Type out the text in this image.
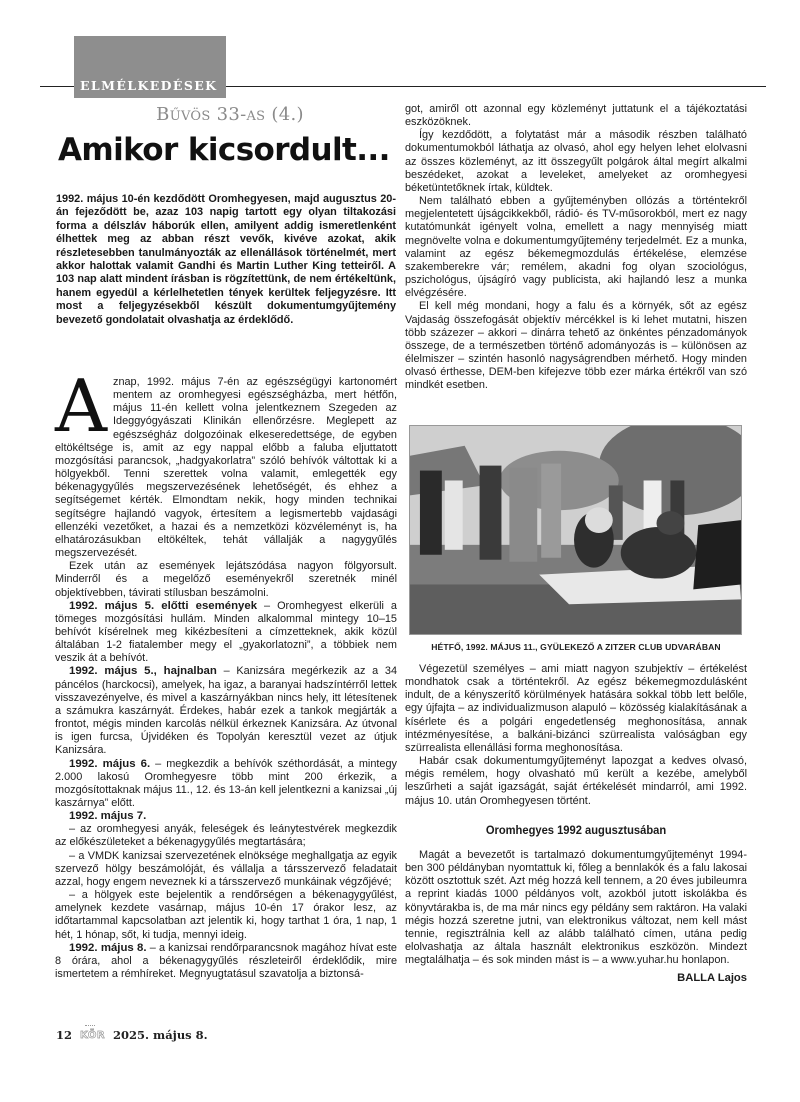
ELMÉLKEDÉSEK
Bűvös 33-as (4.)
Amikor kicsordult...
1992. május 10-én kezdődött Oromhegyesen, majd augusztus 20-án fejeződött be, azaz 103 napig tartott egy olyan tiltakozási forma a délszláv háborúk ellen, amilyent addig ismeretlenként élhettek meg az abban részt vevők, kivéve azokat, akik részletesebben tanulmányozták az ellenállások történelmét, mert akkor halottak valamit Gandhi és Martin Luther King tetteiről. A 103 nap alatt mindent írásban is rögzítettünk, de nem értékeltünk, hanem egyedül a kérlelhetetlen tények kerültek feljegyzésre. Itt most a feljegyzésekből készült dokumentumgyűjtemény bevezető gondolatait olvashatja az érdeklődő.

Aznap, 1992. május 7-én az egészségügyi kartonomért mentem az oromhegyesi egészségházba, mert hétfőn, május 11-én kellett volna jelentkeznem Szegeden az Ideggyógyászati Klinikán ellenőrzésre. Meglepett az egészségház dolgozóinak elkeseredettsége, de egyben eltökéltsége is, amit az egy nappal előbb a faluba eljuttatott mozgósítási parancsok, „hadgyakorlatra” szóló behívók váltottak ki a hölgyekből. Tenni szerettek volna valamit, emlegették egy békenagygyűlés megszervezésének lehetőségét, és ehhez a segítségemet kérték. Elmondtam nekik, hogy minden technikai segítségre hajlandó vagyok, értesítem a legismertebb vajdasági ellenzéki vezetőket, a hazai és a nemzetközi közvéleményt is, ha elhatározásukban eltökéltek, tehát vállalják a nagygyűlés megszervezését.

Ezek után az események lejátszódása nagyon fölgyorsult. Minderről és a megelőző eseményekről szeretnék minél objektívebben, távirati stílusban beszámolni.

1992. május 5. előtti események – Oromhegyest elkerüli a tömeges mozgósítási hullám. Minden alkalommal mintegy 10–15 behívót kísérelnek meg kikézbesíteni a címzetteknek, akik közül általában 1-2 fiatalember megy el „gyakorlatozni”, a többiek nem veszik át a behívót.

1992. május 5., hajnalban – Kanizsára megérkezik az a 34 páncélos (harckocsi), amelyek, ha igaz, a baranyai hadszíntérről lettek visszavezényelve, és mivel a kaszárnyákban nincs hely, itt létesítenek a számukra kaszárnyát. Érdekes, habár ezek a tankok megjárták a frontot, mégis minden karcolás nélkül érkeznek Kanizsára. Az útvonal is igen furcsa, Újvidéken és Topolyán keresztül vezet az útjuk Kanizsára.

1992. május 6. – megkezdik a behívók széthordását, a mintegy 2.000 lakosú Oromhegyesre több mint 200 érkezik, a mozgósítottaknak május 11., 12. és 13-án kell jelentkezni a kanizsai „új kaszárnya” előtt.

1992. május 7.

– az oromhegyesi anyák, feleségek és leánytestvérek megkezdik az előkészületeket a békenagygyűlés megtartására;

– a VMDK kanizsai szervezetének elnöksége meghallgatja az egyik szervező hölgy beszámolóját, és vállalja a társszervező feladatait azzal, hogy engem neveznek ki a társszervező munkáinak végzőjévé;

– a hölgyek este bejelentik a rendőrségen a békenagygyűlést, amelynek kezdete vasárnap, május 10-én 17 órakor lesz, az időtartammal kapcsolatban azt jelentik ki, hogy tarthat 1 óra, 1 nap, 1 hét, 1 hónap, sőt, ki tudja, mennyi ideig.

1992. május 8. – a kanizsai rendőrparancsnok magához hívat este 8 órára, ahol a békenagygyűlés részleteiről érdeklődik, mire ismertetem a rémhíreket. Megnyugtatásul szavatolja a biztonsá-

got, amiről ott azonnal egy közleményt juttatunk el a tájékoztatási eszközöknek.

Így kezdődött, a folytatást már a második részben található dokumentumokból láthatja az olvasó, ahol egy helyen lehet elolvasni az összes közleményt, az itt összegyűlt polgárok által megírt alkalmi beszédeket, azokat a leveleket, amelyeket az oromhegyesi béketüntetőknek írtak, küldtek.

Nem található ebben a gyűjteményben ollózás a történtekről megjelentetett újságcikkekből, rádió- és TV-műsorokból, mert ez nagy kutatómunkát igényelt volna, emellett a nagy mennyiség miatt megnövelte volna e dokumentumgyűjtemény terjedelmét. Ez a munka, valamint az egész békemegmozdulás értékelése, elemzése szakemberekre vár; remélem, akadni fog olyan szociológus, pszichológus, újságíró vagy publicista, aki hajlandó lesz a munka elvégzésére.

El kell még mondani, hogy a falu és a környék, sőt az egész Vajdaság összefogását objektív mércékkel is ki lehet mutatni, hiszen több százezer – akkori – dinárra tehető az önkéntes pénzadományok összege, de a természetben történő adományozás is – különösen az élelmiszer – szintén hasonló nagyságrendben mérhető. Hogy minden olvasó érthesse, DEM-ben kifejezve több ezer márka értékről van szó mindkét esetben.

HÉTFŐ, 1992. MÁJUS 11., GYÜLEKEZŐ A ZITZER CLUB UDVARÁBAN

Végezetül személyes – ami miatt nagyon szubjektív – értékelést mondhatok csak a történtekről. Az egész békemegmozdulásként indult, de a kényszerítő körülmények hatására sokkal több lett belőle, egy újfajta – az individualizmuson alapuló – közösség kialakításának a kísérlete és a polgári engedetlenség meghonosítása, annak intézményesítése, a balkáni-bizánci szürrealista valóságban egy szürrealista ellenállási forma meghonosítása.

Habár csak dokumentumgyűjteményt lapozgat a kedves olvasó, mégis remélem, hogy olvasható mű került a kezébe, amelyből leszűrheti a saját igazságát, saját értékelését mindarról, ami 1992. május 10. után Oromhegyesen történt.

Oromhegyes 1992 augusztusában

Magát a bevezetőt is tartalmazó dokumentumgyűjteményt 1994-ben 300 példányban nyomtattuk ki, főleg a bennlakók és a falu lakosai között osztottuk szét. Azt még hozzá kell tennem, a 20 éves jubileumra a reprint kiadás 1000 példányos volt, azokból jutott iskolákba és könyvtárakba is, de ma már nincs egy példány sem raktáron. Ha valaki mégis hozzá szeretne jutni, van elektronikus változat, nem kell mást tennie, regisztrálnia kell az alább található címen, utána pedig elolvashatja az általa használt elektronikus eszközön. Mindezt megtalálhatja – és sok minden mást is – a www.yuhar.hu honlapon.

BALLA Lajos

12 KÖR 2025. május 8.
